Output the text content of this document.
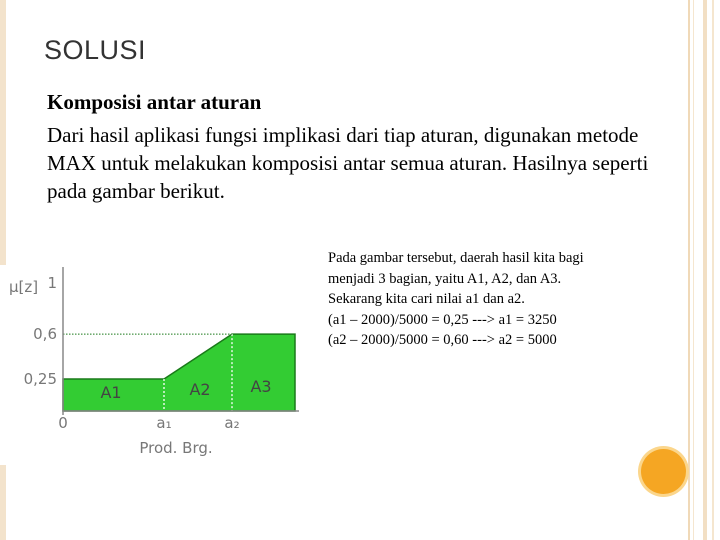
SOLUSI
Komposisi antar aturan
Dari hasil aplikasi fungsi implikasi dari tiap aturan, digunakan metode MAX untuk melakukan komposisi antar semua aturan. Hasilnya seperti pada gambar berikut.
μ[z] 1
0,6
0,25
0	a₁	a₂
Prod. Brg.
A1	A2 A3
Pada gambar tersebut, daerah hasil kita bagi
menjadi 3 bagian, yaitu A1, A2, dan A3.
Sekarang kita cari nilai a1 dan a2.
(a1 – 2000)/5000 = 0,25 ---> a1 = 3250
(a2 – 2000)/5000 = 0,60 ---> a2 = 5000
